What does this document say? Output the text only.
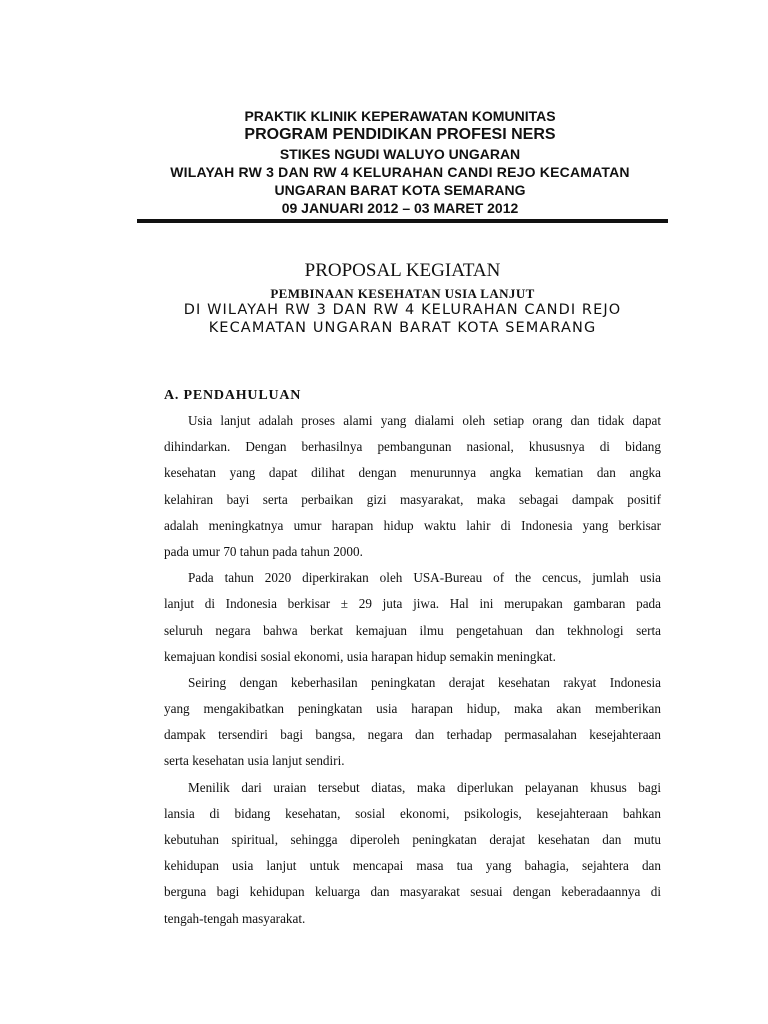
PRAKTIK KLINIK KEPERAWATAN KOMUNITAS
PROGRAM PENDIDIKAN PROFESI NERS
STIKES NGUDI WALUYO UNGARAN
WILAYAH RW 3 DAN RW 4 KELURAHAN CANDI REJO KECAMATAN
UNGARAN BARAT KOTA SEMARANG
09 JANUARI 2012 – 03 MARET 2012
PROPOSAL KEGIATAN
PEMBINAAN KESEHATAN USIA LANJUT
DI WILAYAH RW 3 DAN RW 4 KELURAHAN CANDI REJO
KECAMATAN UNGARAN BARAT KOTA SEMARANG
A. PENDAHULUAN
Usia lanjut adalah proses alami yang dialami oleh setiap orang dan tidak dapat
dihindarkan. Dengan berhasilnya pembangunan nasional, khususnya di bidang
kesehatan yang dapat dilihat dengan menurunnya angka kematian dan angka
kelahiran bayi serta perbaikan gizi masyarakat, maka sebagai dampak positif
adalah meningkatnya umur harapan hidup waktu lahir di Indonesia yang berkisar
pada umur 70 tahun pada tahun 2000.
Pada tahun 2020 diperkirakan oleh USA-Bureau of the cencus, jumlah usia
lanjut di Indonesia berkisar ± 29 juta jiwa. Hal ini merupakan gambaran pada
seluruh negara bahwa berkat kemajuan ilmu pengetahuan dan tekhnologi serta
kemajuan kondisi sosial ekonomi, usia harapan hidup semakin meningkat.
Seiring dengan keberhasilan peningkatan derajat kesehatan rakyat Indonesia
yang mengakibatkan peningkatan usia harapan hidup, maka akan memberikan
dampak tersendiri bagi bangsa, negara dan terhadap permasalahan kesejahteraan
serta kesehatan usia lanjut sendiri.
Menilik dari uraian tersebut diatas, maka diperlukan pelayanan khusus bagi
lansia di bidang kesehatan, sosial ekonomi, psikologis, kesejahteraan bahkan
kebutuhan spiritual, sehingga diperoleh peningkatan derajat kesehatan dan mutu
kehidupan usia lanjut untuk mencapai masa tua yang bahagia, sejahtera dan
berguna bagi kehidupan keluarga dan masyarakat sesuai dengan keberadaannya di
tengah-tengah masyarakat.
